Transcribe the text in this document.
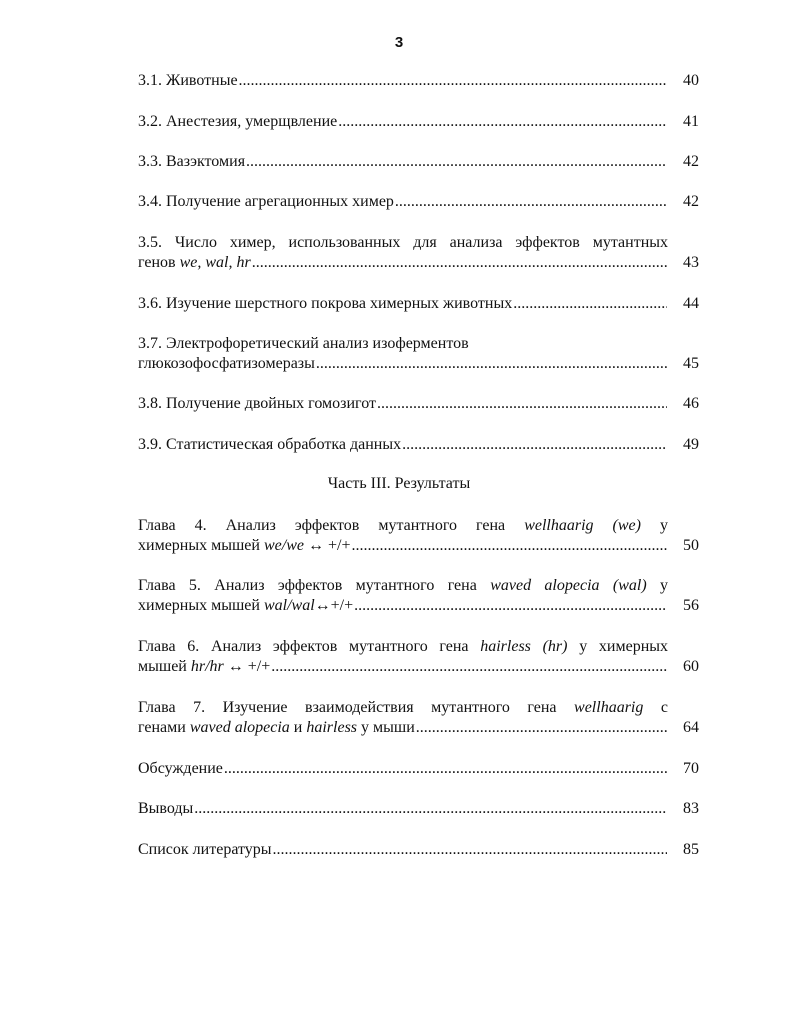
3
3.1. Животные .....	40
3.2. Анестезия, умерщвление .....	41
3.3. Вазэктомия .....	42
3.4. Получение агрегационных химер .....	42
3.5. Число химер, использованных для анализа эффектов мутантных
генов we, wal, hr .....	43
3.6. Изучение шерстного покрова химерных животных .....	44
3.7. Электрофоретический анализ изоферментов
глюкозофосфатизомеразы .....	45
3.8. Получение двойных гомозигот .....	46
3.9. Статистическая обработка данных .....	49
Часть III. Результаты
Глава 4. Анализ эффектов мутантного гена wellhaarig (we) у
химерных мышей we/we ↔ +/+ .....	50
Глава 5. Анализ эффектов мутантного гена waved alopecia (wal) у
химерных мышей wal/wal↔+/+ .....	56
Глава 6. Анализ эффектов мутантного гена hairless (hr) у химерных
мышей hr/hr ↔ +/+ .....	60
Глава 7. Изучение взаимодействия мутантного гена wellhaarig с
генами waved alopecia и hairless у мыши .....	64
Обсуждение .....	70
Выводы .....	83
Список литературы .....	85
